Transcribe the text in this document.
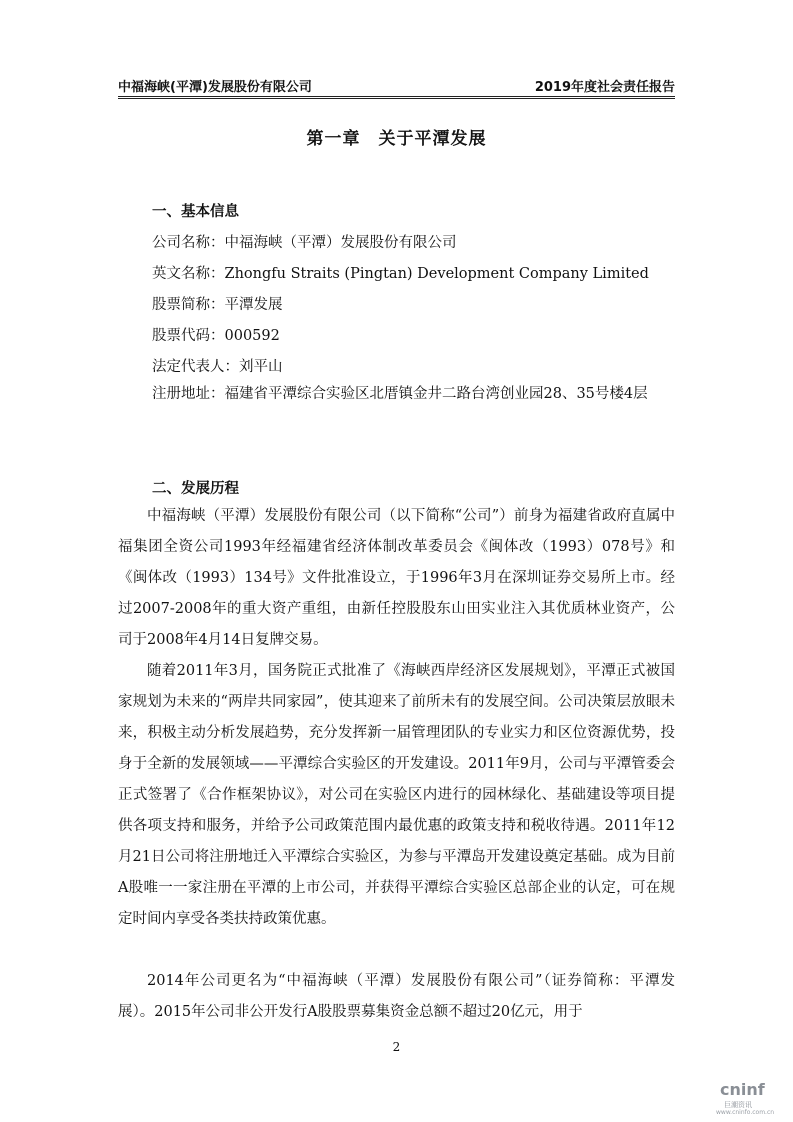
中福海峡(平潭)发展股份有限公司	2019年度社会责任报告
第一章　关于平潭发展
一、基本信息
公司名称：中福海峡（平潭）发展股份有限公司
英文名称：Zhongfu Straits (Pingtan) Development Company Limited
股票简称：平潭发展
股票代码：000592
法定代表人：刘平山

注册地址：福建省平潭综合实验区北厝镇金井二路台湾创业园28、35号楼4层

二、发展历程

中福海峡（平潭）发展股份有限公司（以下简称“公司”）前身为福建省政府直属中福集团全资公司1993年经福建省经济体制改革委员会《闽体改（1993）078号》和《闽体改（1993）134号》文件批准设立，于1996年3月在深圳证券交易所上市。经过2007-2008年的重大资产重组，由新任控股股东山田实业注入其优质林业资产，公司于2008年4月14日复牌交易。

随着2011年3月，国务院正式批准了《海峡西岸经济区发展规划》，平潭正式被国家规划为未来的“两岸共同家园”，使其迎来了前所未有的发展空间。公司决策层放眼未来，积极主动分析发展趋势，充分发挥新一届管理团队的专业实力和区位资源优势，投身于全新的发展领域——平潭综合实验区的开发建设。2011年9月，公司与平潭管委会正式签署了《合作框架协议》，对公司在实验区内进行的园林绿化、基础建设等项目提供各项支持和服务，并给予公司政策范围内最优惠的政策支持和税收待遇。2011年12月21日公司将注册地迁入平潭综合实验区，为参与平潭岛开发建设奠定基础。成为目前A股唯一一家注册在平潭的上市公司，并获得平潭综合实验区总部企业的认定，可在规定时间内享受各类扶持政策优惠。

2014年公司更名为“中福海峡（平潭）发展股份有限公司”（证券简称：平潭发展）。2015年公司非公开发行A股股票募集资金总额不超过20亿元，用于

2
cninf
巨潮资讯
www.cninfo.com.cn
